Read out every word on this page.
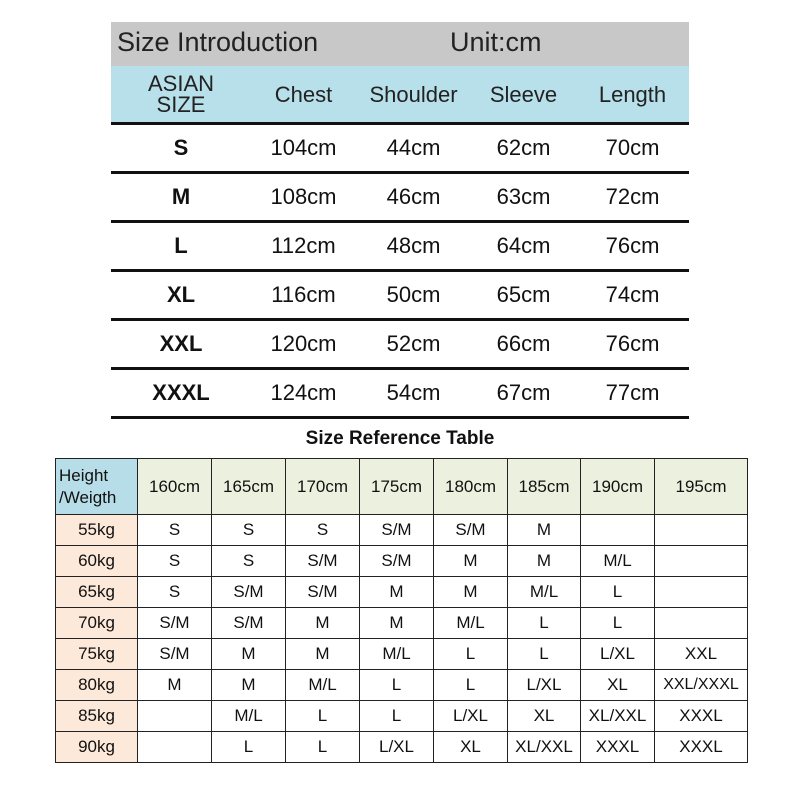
Size Introduction	Unit:cm
ASIAN SIZE	Chest	Shoulder	Sleeve	Length
S	104cm	44cm	62cm	70cm
M	108cm	46cm	63cm	72cm
L	112cm	48cm	64cm	76cm
XL	116cm	50cm	65cm	74cm
XXL	120cm	52cm	66cm	76cm
XXXL	124cm	54cm	67cm	77cm
Size Reference Table
Height /Weigth	160cm	165cm	170cm	175cm	180cm	185cm	190cm	195cm
55kg	S	S	S	S/M	S/M	M		
60kg	S	S	S/M	S/M	M	M	M/L	
65kg	S	S/M	S/M	M	M	M/L	L	
70kg	S/M	S/M	M	M	M/L	L	L	
75kg	S/M	M	M	M/L	L	L	L/XL	XXL
80kg	M	M	M/L	L	L	L/XL	XL	XXL/XXXL
85kg		M/L	L	L	L/XL	XL	XL/XXL	XXXL
90kg		L	L	L/XL	XL	XL/XXL	XXXL	XXXL
